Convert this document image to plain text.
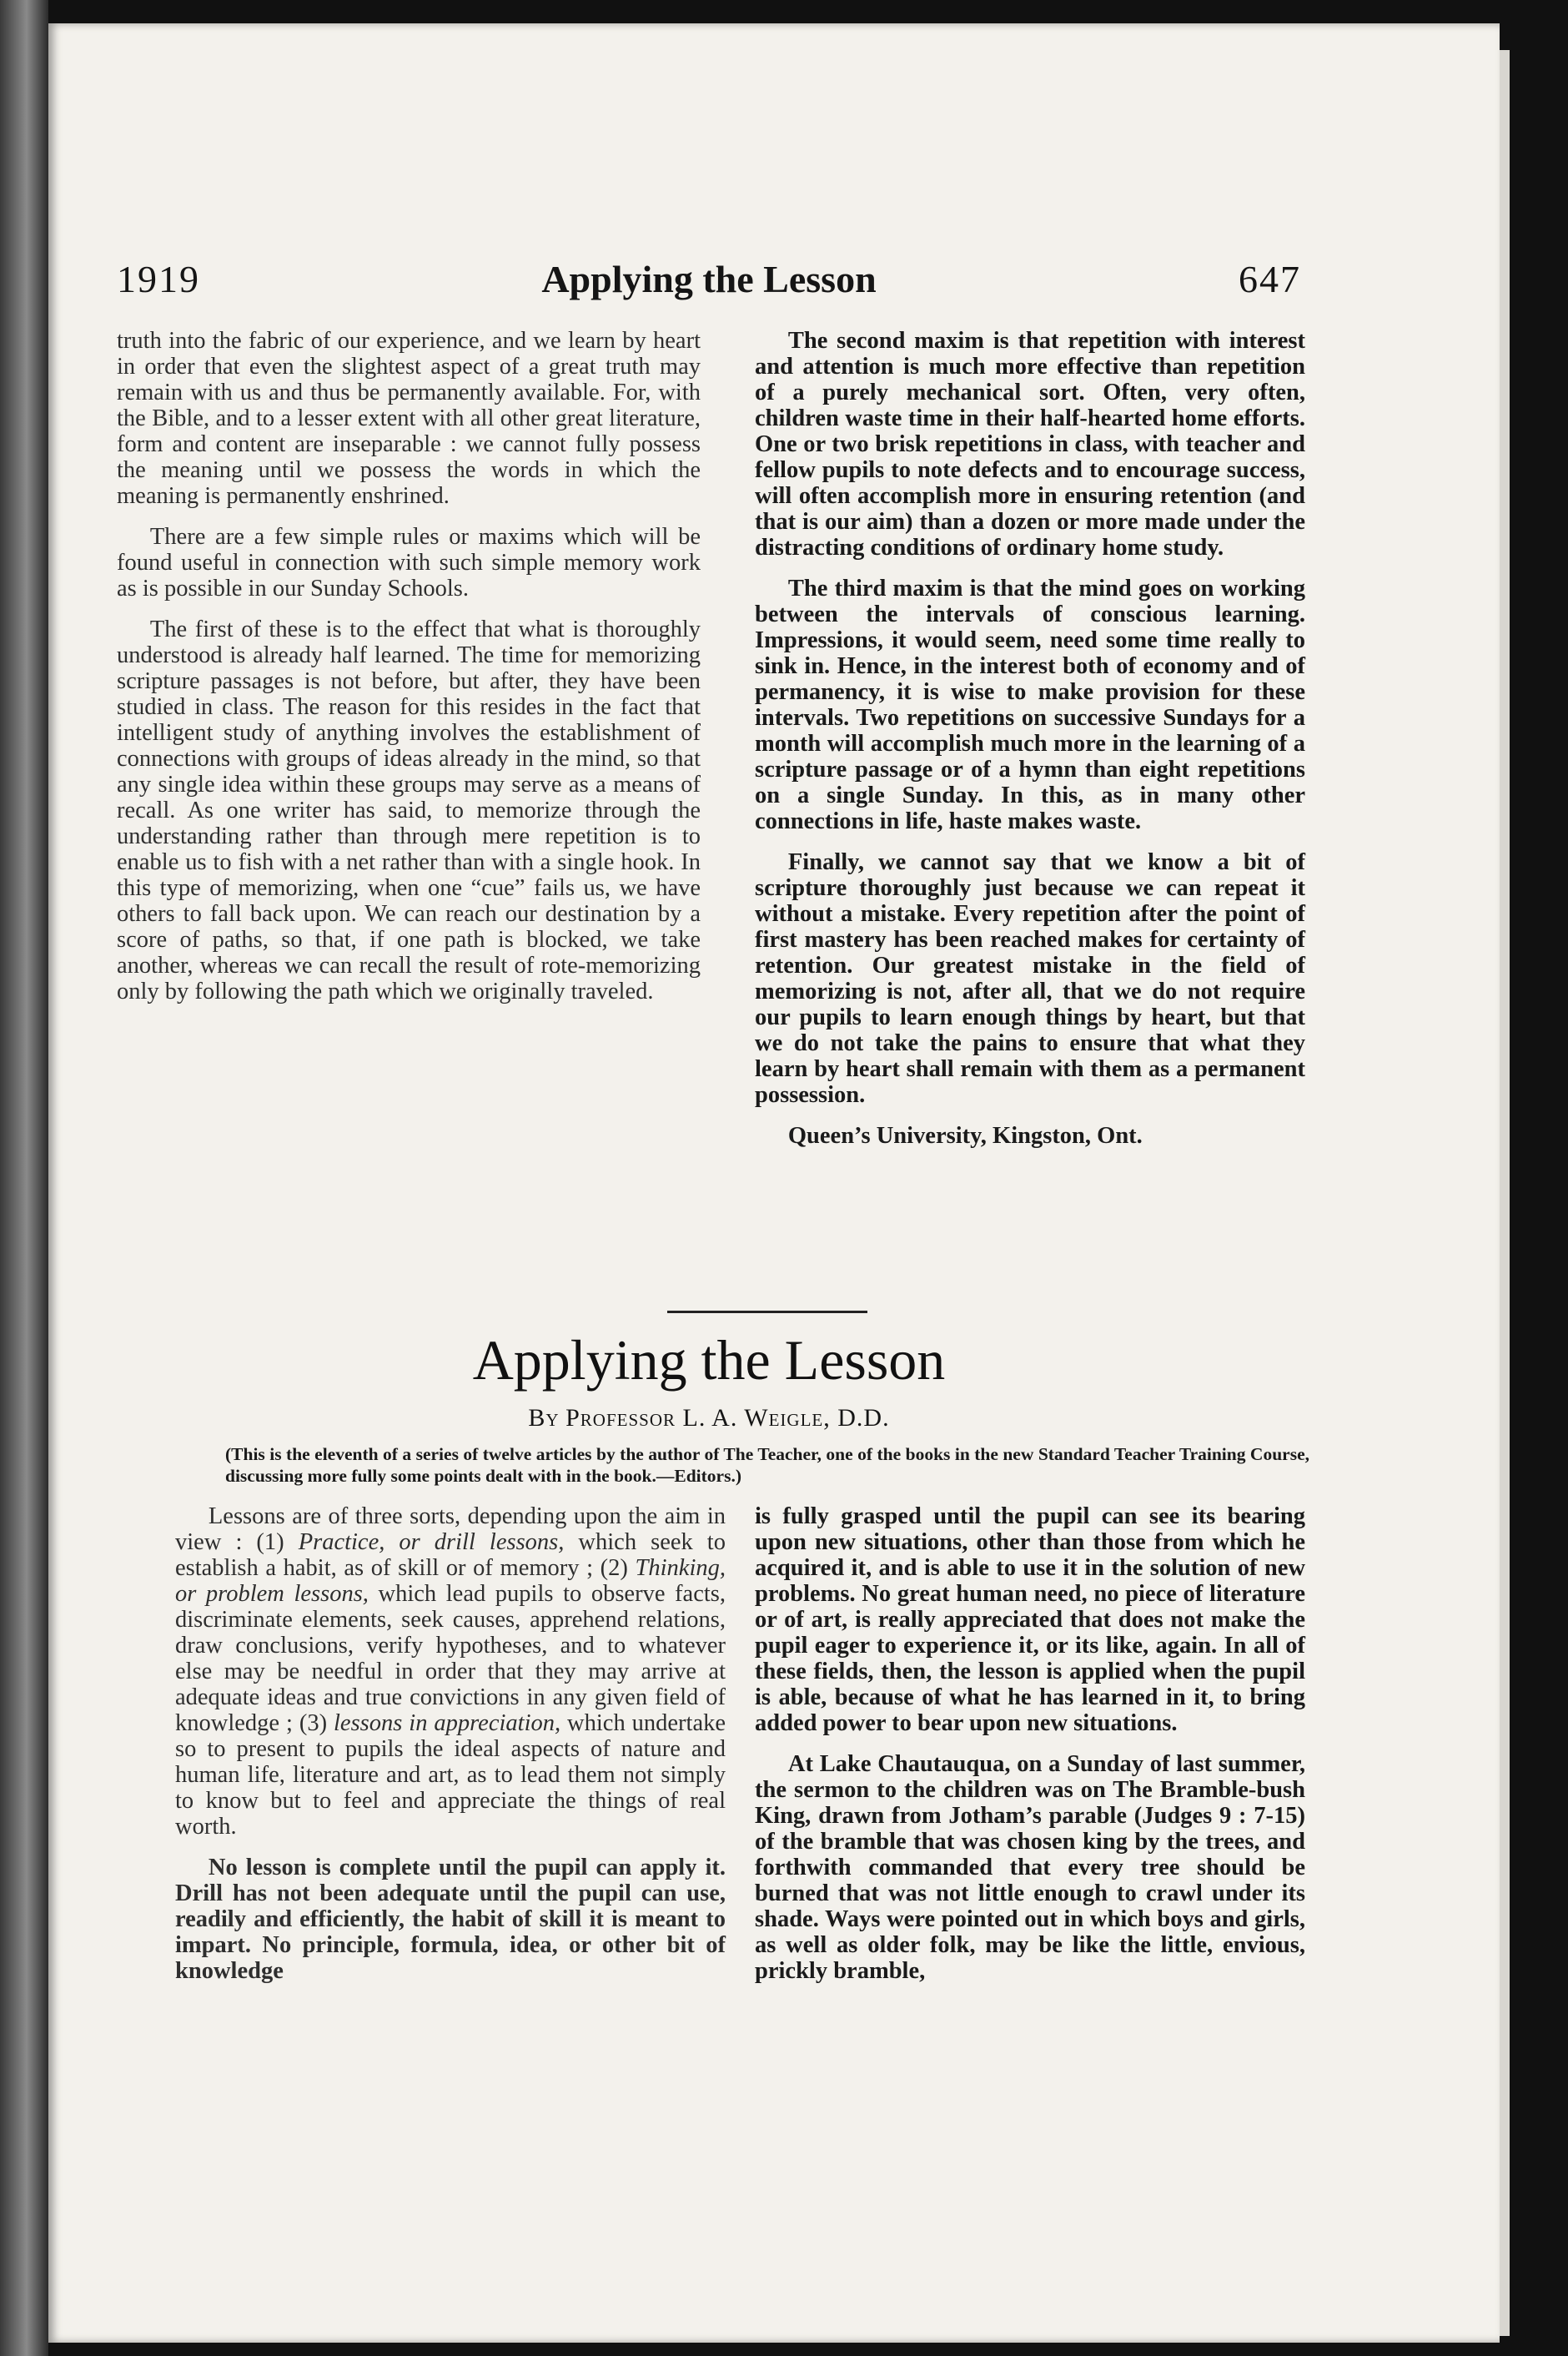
1919	Applying the Lesson	647

truth into the fabric of our experience, and we learn by heart in order that even the slightest aspect of a great truth may remain with us and thus be permanently available. For, with the Bible, and to a lesser extent with all other great literature, form and content are inseparable : we cannot fully possess the meaning until we possess the words in which the meaning is permanently enshrined.

There are a few simple rules or maxims which will be found useful in connection with such simple memory work as is possible in our Sunday Schools.

The first of these is to the effect that what is thoroughly understood is already half learned. The time for memorizing scripture passages is not before, but after, they have been studied in class. The reason for this resides in the fact that intelligent study of anything involves the establishment of connections with groups of ideas already in the mind, so that any single idea within these groups may serve as a means of recall. As one writer has said, to memorize through the understanding rather than through mere repetition is to enable us to fish with a net rather than with a single hook. In this type of memorizing, when one “cue” fails us, we have others to fall back upon. We can reach our destination by a score of paths, so that, if one path is blocked, we take another, whereas we can recall the result of rote-memorizing only by following the path which we originally traveled.

The second maxim is that repetition with interest and attention is much more effective than repetition of a purely mechanical sort. Often, very often, children waste time in their half-hearted home efforts. One or two brisk repetitions in class, with teacher and fellow pupils to note defects and to encourage success, will often accomplish more in ensuring retention (and that is our aim) than a dozen or more made under the distracting conditions of ordinary home study.

The third maxim is that the mind goes on working between the intervals of conscious learning. Impressions, it would seem, need some time really to sink in. Hence, in the interest both of economy and of permanency, it is wise to make provision for these intervals. Two repetitions on successive Sundays for a month will accomplish much more in the learning of a scripture passage or of a hymn than eight repetitions on a single Sunday. In this, as in many other connections in life, haste makes waste.

Finally, we cannot say that we know a bit of scripture thoroughly just because we can repeat it without a mistake. Every repetition after the point of first mastery has been reached makes for certainty of retention. Our greatest mistake in the field of memorizing is not, after all, that we do not require our pupils to learn enough things by heart, but that we do not take the pains to ensure that what they learn by heart shall remain with them as a permanent possession.

Queen’s University, Kingston, Ont.

Applying the Lesson
By Professor L. A. Weigle, D.D.
(This is the eleventh of a series of twelve articles by the author of The Teacher, one of the books in the new Standard Teacher Training Course, discussing more fully some points dealt with in the book.—Editors.)

Lessons are of three sorts, depending upon the aim in view : (1) Practice, or drill lessons, which seek to establish a habit, as of skill or of memory ; (2) Thinking, or problem lessons, which lead pupils to observe facts, discriminate elements, seek causes, apprehend relations, draw conclusions, verify hypotheses, and to whatever else may be needful in order that they may arrive at adequate ideas and true convictions in any given field of knowledge ; (3) lessons in appreciation, which undertake so to present to pupils the ideal aspects of nature and human life, literature and art, as to lead them not simply to know but to feel and appreciate the things of real worth.

No lesson is complete until the pupil can apply it. Drill has not been adequate until the pupil can use, readily and efficiently, the habit of skill it is meant to impart. No principle, formula, idea, or other bit of knowledge

is fully grasped until the pupil can see its bearing upon new situations, other than those from which he acquired it, and is able to use it in the solution of new problems. No great human need, no piece of literature or of art, is really appreciated that does not make the pupil eager to experience it, or its like, again. In all of these fields, then, the lesson is applied when the pupil is able, because of what he has learned in it, to bring added power to bear upon new situations.

At Lake Chautauqua, on a Sunday of last summer, the sermon to the children was on The Bramble-bush King, drawn from Jotham’s parable (Judges 9 : 7-15) of the bramble that was chosen king by the trees, and forthwith commanded that every tree should be burned that was not little enough to crawl under its shade. Ways were pointed out in which boys and girls, as well as older folk, may be like the little, envious, prickly bramble,
